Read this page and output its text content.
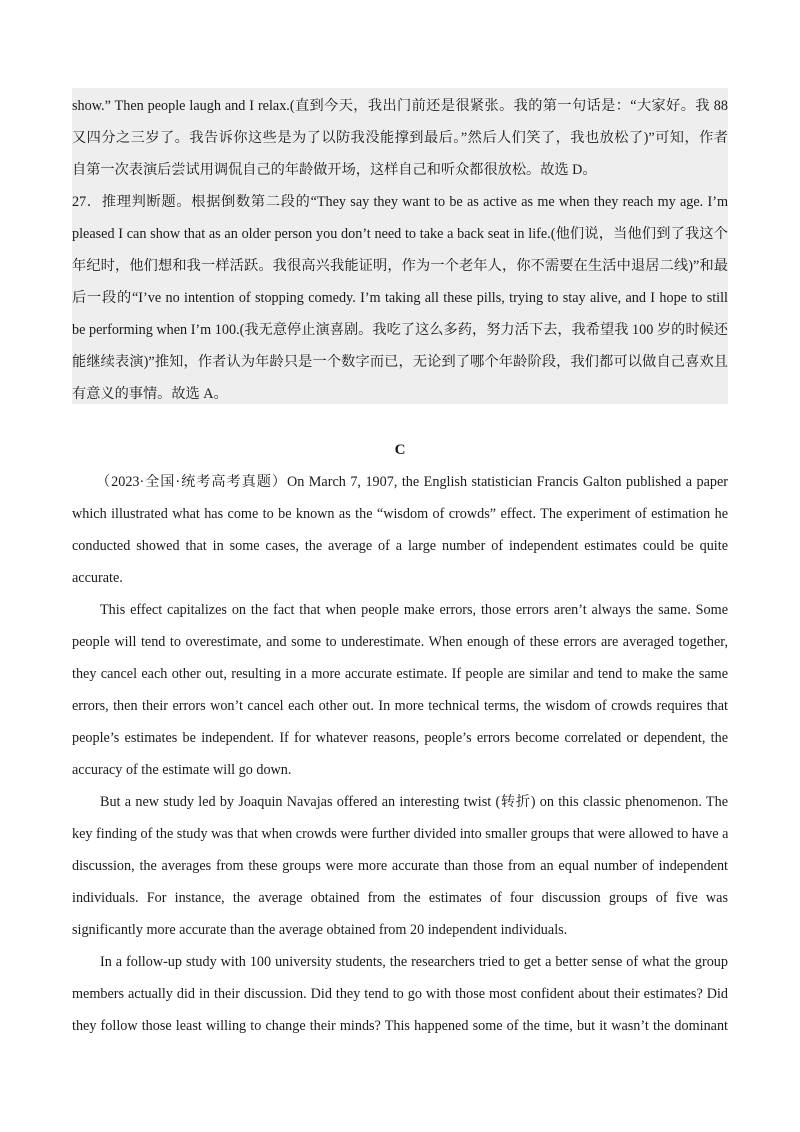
show.” Then people laugh and I relax.(直到今天，我出门前还是很紧张。我的第一句话是：“大家好。我 88
又四分之三岁了。我告诉你这些是为了以防我没能撑到最后。”然后人们笑了，我也放松了)”可知，作者
自第一次表演后尝试用调侃自己的年龄做开场，这样自己和听众都很放松。故选 D。
27．推理判断题。根据倒数第二段的“They say they want to be as active as me when they reach my age. I’m
pleased I can show that as an older person you don’t need to take a back seat in life.(他们说，当他们到了我这个
年纪时，他们想和我一样活跃。我很高兴我能证明，作为一个老年人，你不需要在生活中退居二线)”和最
后一段的“I’ve no intention of stopping comedy. I’m taking all these pills, trying to stay alive, and I hope to still
be performing when I’m 100.(我无意停止演喜剧。我吃了这么多药，努力活下去，我希望我 100 岁的时候还
能继续表演)”推知，作者认为年龄只是一个数字而已，无论到了哪个年龄阶段，我们都可以做自己喜欢且
有意义的事情。故选 A。
C
（2023·全国·统考高考真题）On March 7, 1907, the English statistician Francis Galton published a paper
which illustrated what has come to be known as the “wisdom of crowds” effect. The experiment of estimation he
conducted showed that in some cases, the average of a large number of independent estimates could be quite
accurate.
This effect capitalizes on the fact that when people make errors, those errors aren’t always the same. Some
people will tend to overestimate, and some to underestimate. When enough of these errors are averaged together,
they cancel each other out, resulting in a more accurate estimate. If people are similar and tend to make the same
errors, then their errors won’t cancel each other out. In more technical terms, the wisdom of crowds requires that
people’s estimates be independent. If for whatever reasons, people’s errors become correlated or dependent, the
accuracy of the estimate will go down.
But a new study led by Joaquin Navajas offered an interesting twist (转折) on this classic phenomenon. The
key finding of the study was that when crowds were further divided into smaller groups that were allowed to have a
discussion, the averages from these groups were more accurate than those from an equal number of independent
individuals. For instance, the average obtained from the estimates of four discussion groups of five was
significantly more accurate than the average obtained from 20 independent individuals.
In a follow-up study with 100 university students, the researchers tried to get a better sense of what the group
members actually did in their discussion. Did they tend to go with those most confident about their estimates? Did
they follow those least willing to change their minds? This happened some of the time, but it wasn’t the dominant
